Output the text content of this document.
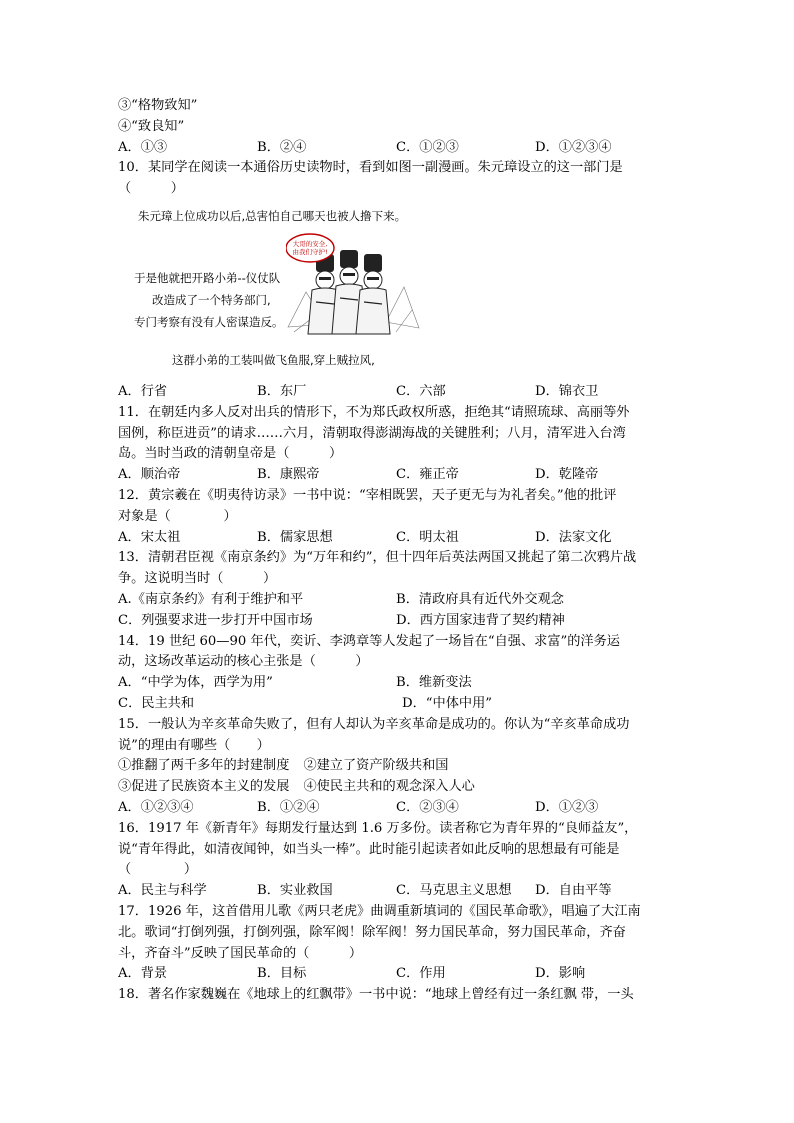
③“格物致知”
④“致良知”
A．①③	B．②④	C．①②③	D．①②③④
10．某同学在阅读一本通俗历史读物时，看到如图一副漫画。朱元璋设立的这一部门是
（　　　）
朱元璋上位成功以后,总害怕自己哪天也被人撸下来。
于是他就把开路小弟--仪仗队
改造成了一个特务部门,
专门考察有没有人密谋造反。
这群小弟的工装叫做飞鱼服,穿上贼拉风,
大哥的安全,
由我们守护!
A．行省	B．东厂	C．六部	D．锦衣卫
11．在朝廷内多人反对出兵的情形下，不为郑氏政权所惑，拒绝其“请照琉球、高丽等外
国例，称臣进贡”的请求……六月，清朝取得澎湖海战的关键胜利；八月，清军进入台湾
岛。当时当政的清朝皇帝是（　　　）
A．顺治帝	B．康熙帝	C．雍正帝	D．乾隆帝
12．黄宗羲在《明夷待访录》一书中说：“宰相既罢，天子更无与为礼者矣。”他的批评
对象是（　　　　）
A．宋太祖	B．儒家思想	C．明太祖	D．法家文化
13．清朝君臣视《南京条约》为“万年和约”，但十四年后英法两国又挑起了第二次鸦片战
争。这说明当时（　　　）
A.《南京条约》有利于维护和平	B．清政府具有近代外交观念
C．列强要求进一步打开中国市场	D．西方国家违背了契约精神
14．19 世纪 60—90 年代，奕䜣、李鸿章等人发起了一场旨在“自强、求富”的洋务运
动，这场改革运动的核心主张是（　　　）
A．“中学为体，西学为用”	B．维新变法
C．民主共和	D．“中体中用”
15．一般认为辛亥革命失败了，但有人却认为辛亥革命是成功的。你认为“辛亥革命成功
说”的理由有哪些（　　）
①推翻了两千多年的封建制度 ②建立了资产阶级共和国
③促进了民族资本主义的发展 ④使民主共和的观念深入人心
A．①②③④	B．①②④	C．②③④	D．①②③
16．1917 年《新青年》每期发行量达到 1.6 万多份。读者称它为青年界的“良师益友”，
说“青年得此，如清夜闻钟，如当头一棒”。此时能引起读者如此反响的思想最有可能是
（　　　　）
A．民主与科学	B．实业救国	C．马克思主义思想	D．自由平等
17．1926 年，这首借用儿歌《两只老虎》曲调重新填词的《国民革命歌》，唱遍了大江南
北。歌词“打倒列强，打倒列强，除军阀！除军阀！努力国民革命，努力国民革命，齐奋
斗，齐奋斗”反映了国民革命的（　　　）
A．背景	B．目标	C．作用	D．影响
18．著名作家魏巍在《地球上的红飘带》一书中说：“地球上曾经有过一条红飘 带，一头
